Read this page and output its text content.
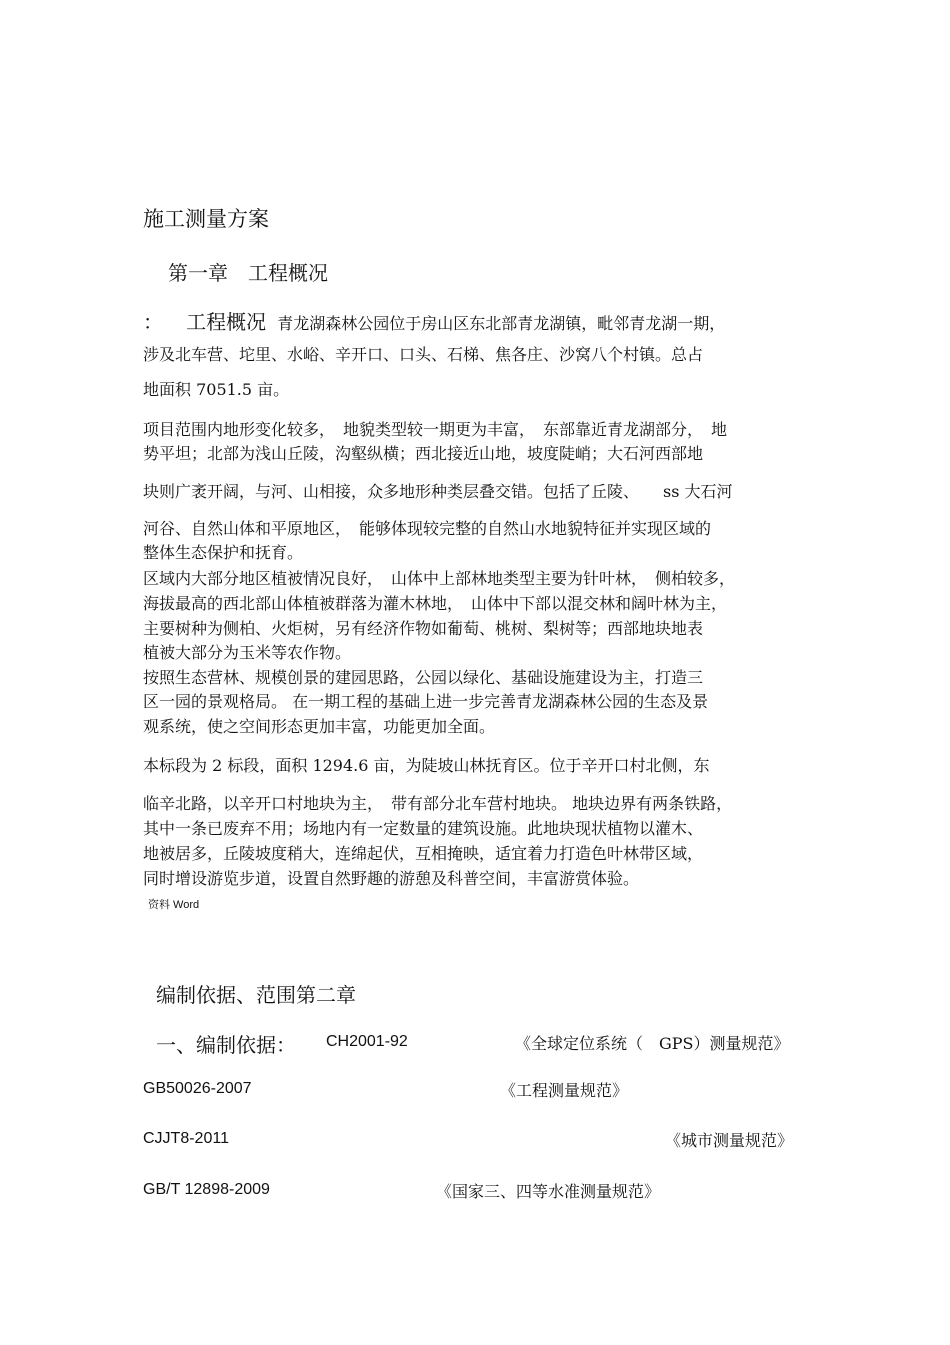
施工测量方案
第一章　工程概况
： 工程概况 青龙湖森林公园位于房山区东北部青龙湖镇，毗邻青龙湖一期，
涉及北车营、坨里、水峪、辛开口、口头、石梯、焦各庄、沙窝八个村镇。总占
地面积 7051.5 亩。
项目范围内地形变化较多，　地貌类型较一期更为丰富，　东部靠近青龙湖部分，　地
势平坦；北部为浅山丘陵，沟壑纵横；西北接近山地，坡度陡峭；大石河西部地
块则广袤开阔，与河、山相接，众多地形种类层叠交错。包括了丘陵、　　ss 大石河
河谷、自然山体和平原地区，　能够体现较完整的自然山水地貌特征并实现区域的
整体生态保护和抚育。
区域内大部分地区植被情况良好，　山体中上部林地类型主要为针叶林，　侧柏较多，
海拔最高的西北部山体植被群落为灌木林地，　山体中下部以混交林和阔叶林为主，
主要树种为侧柏、火炬树，另有经济作物如葡萄、桃树、梨树等；西部地块地表
植被大部分为玉米等农作物。
按照生态营林、规模创景的建园思路，公园以绿化、基础设施建设为主，打造三
区一园的景观格局。 在一期工程的基础上进一步完善青龙湖森林公园的生态及景
观系统，使之空间形态更加丰富，功能更加全面。
本标段为 2 标段，面积 1294.6 亩，为陡坡山林抚育区。位于辛开口村北侧，东
临辛北路，以辛开口村地块为主，　带有部分北车营村地块。 地块边界有两条铁路，
其中一条已废弃不用；场地内有一定数量的建筑设施。此地块现状植物以灌木、
地被居多，丘陵坡度稍大，连绵起伏，互相掩映，适宜着力打造色叶林带区域，
同时增设游览步道，设置自然野趣的游憩及科普空间，丰富游赏体验。
资料 Word
编制依据、范围第二章
一、编制依据： CH2001-92	《全球定位系统（　GPS）测量规范》
GB50026-2007	《工程测量规范》
CJJT8-2011	《城市测量规范》
GB/T 12898-2009	《国家三、四等水准测量规范》
